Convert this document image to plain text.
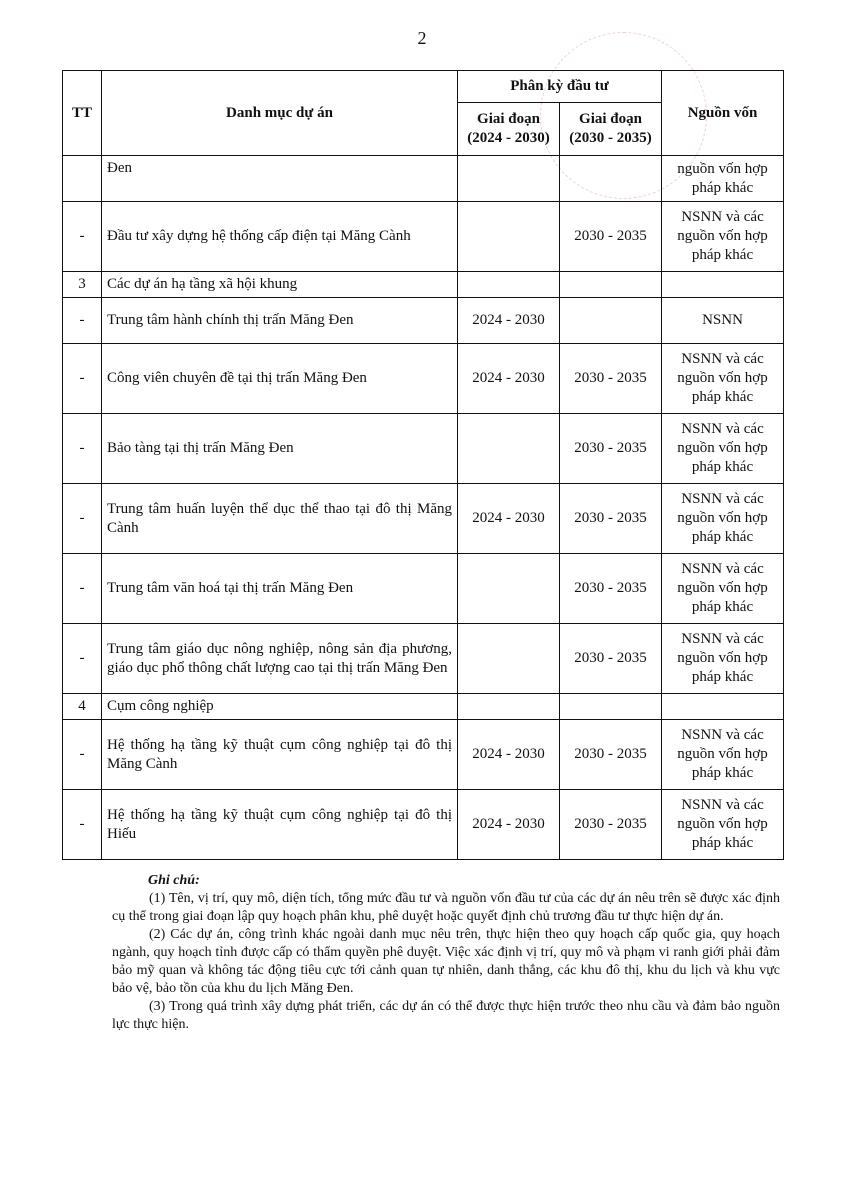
2
TT	Danh mục dự án	Phân kỳ đầu tư		Nguồn vốn
		Giai đoạn (2024 - 2030)	Giai đoạn (2030 - 2035)	
	Đen			nguồn vốn hợp pháp khác
-	Đầu tư xây dựng hệ thống cấp điện tại Măng Cành		2030 - 2035	NSNN và các nguồn vốn hợp pháp khác
3	Các dự án hạ tầng xã hội khung			
-	Trung tâm hành chính thị trấn Măng Đen	2024 - 2030		NSNN
-	Công viên chuyên đề tại thị trấn Măng Đen	2024 - 2030	2030 - 2035	NSNN và các nguồn vốn hợp pháp khác
-	Bảo tàng tại thị trấn Măng Đen		2030 - 2035	NSNN và các nguồn vốn hợp pháp khác
-	Trung tâm huấn luyện thể dục thể thao tại đô thị Măng Cành	2024 - 2030	2030 - 2035	NSNN và các nguồn vốn hợp pháp khác
-	Trung tâm văn hoá tại thị trấn Măng Đen		2030 - 2035	NSNN và các nguồn vốn hợp pháp khác
-	Trung tâm giáo dục nông nghiệp, nông sản địa phương, giáo dục phổ thông chất lượng cao tại thị trấn Măng Đen		2030 - 2035	NSNN và các nguồn vốn hợp pháp khác
4	Cụm công nghiệp			
-	Hệ thống hạ tầng kỹ thuật cụm công nghiệp tại đô thị Măng Cành	2024 - 2030	2030 - 2035	NSNN và các nguồn vốn hợp pháp khác
-	Hệ thống hạ tầng kỹ thuật cụm công nghiệp tại đô thị Hiếu	2024 - 2030	2030 - 2035	NSNN và các nguồn vốn hợp pháp khác
Ghi chú:

(1) Tên, vị trí, quy mô, diện tích, tổng mức đầu tư và nguồn vốn đầu tư của các dự án nêu trên sẽ được xác định cụ thể trong giai đoạn lập quy hoạch phân khu, phê duyệt hoặc quyết định chủ trương đầu tư thực hiện dự án.

(2) Các dự án, công trình khác ngoài danh mục nêu trên, thực hiện theo quy hoạch cấp quốc gia, quy hoạch ngành, quy hoạch tỉnh được cấp có thẩm quyền phê duyệt. Việc xác định vị trí, quy mô và phạm vi ranh giới phải đảm bảo mỹ quan và không tác động tiêu cực tới cảnh quan tự nhiên, danh thắng, các khu đô thị, khu du lịch và khu vực bảo vệ, bảo tồn của khu du lịch Măng Đen.

(3) Trong quá trình xây dựng phát triển, các dự án có thể được thực hiện trước theo nhu cầu và đảm bảo nguồn lực thực hiện.
